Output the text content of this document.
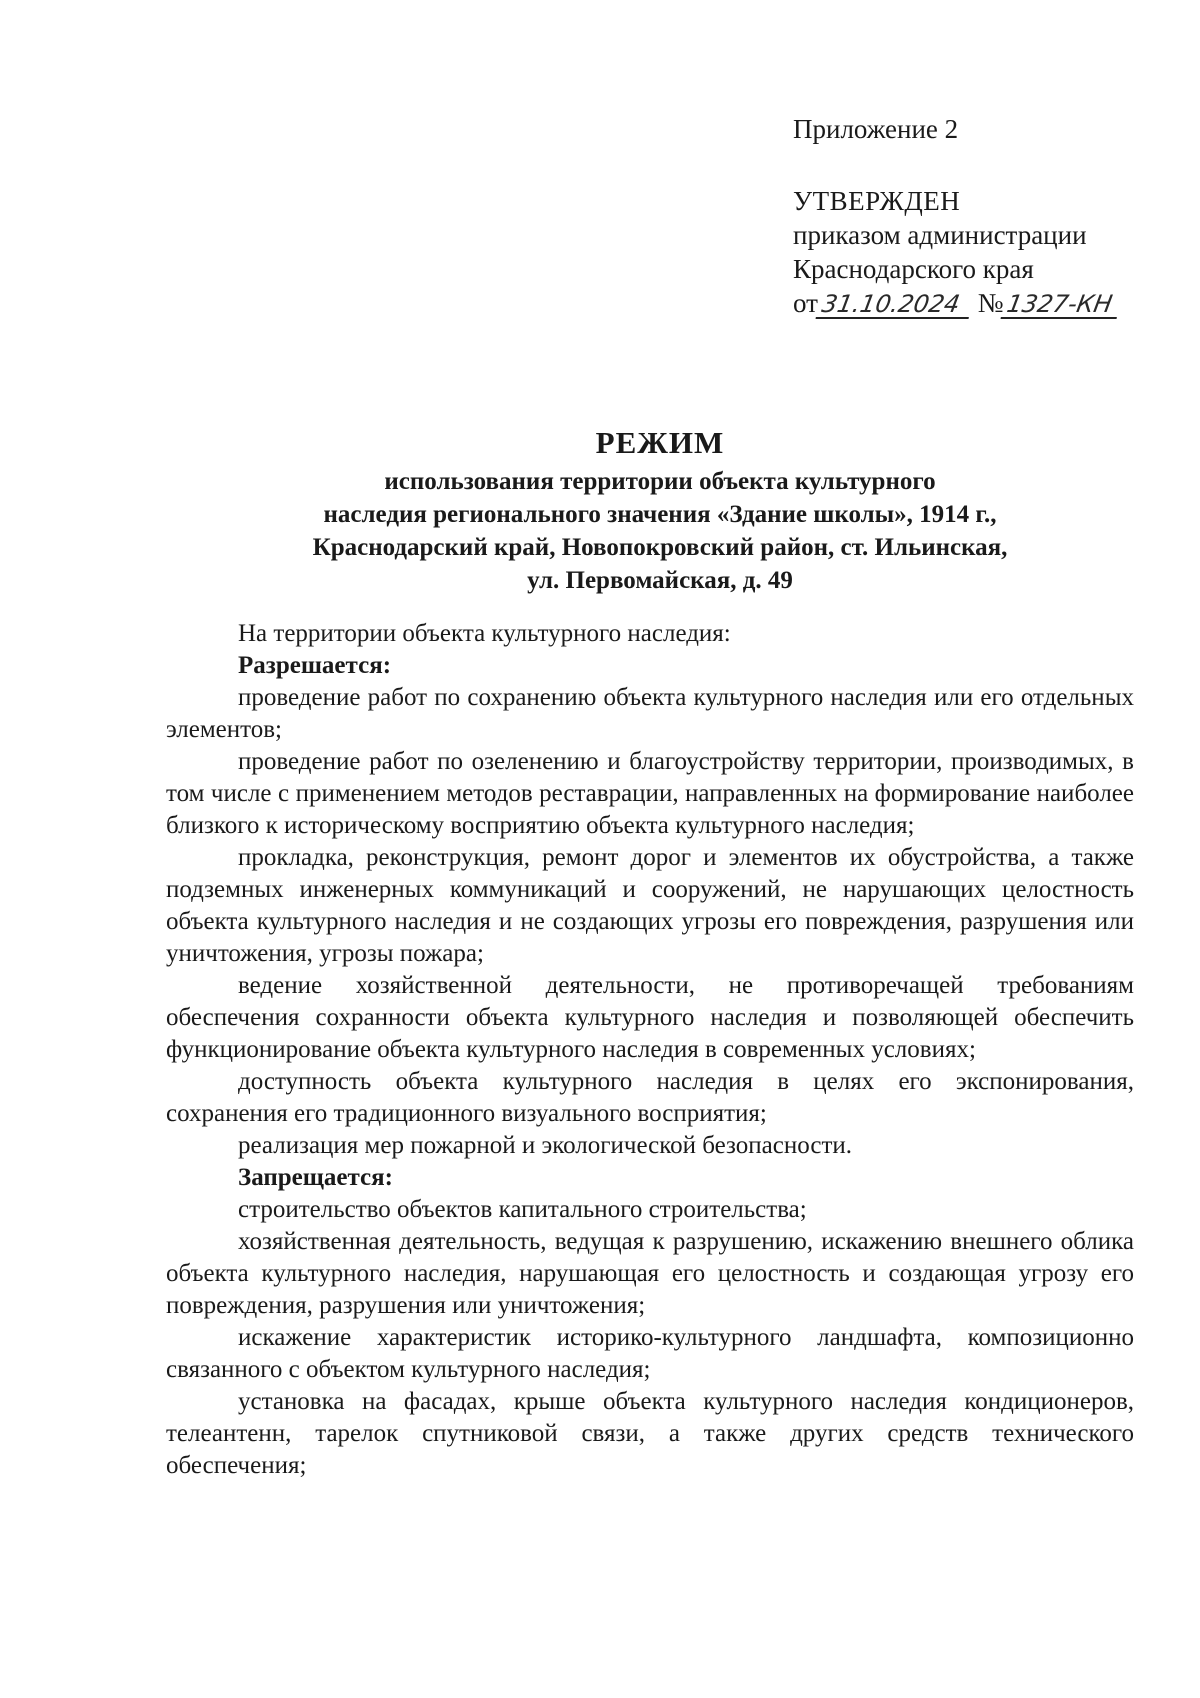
Приложение 2
УТВЕРЖДЕН
приказом администрации
Краснодарского края
от31.10.2024 №1327-КН
РЕЖИМ
использования территории объекта культурного
наследия регионального значения «Здание школы», 1914 г.,
Краснодарский край, Новопокровский район, ст. Ильинская,
ул. Первомайская, д. 49

На территории объекта культурного наследия:

Разрешается:

проведение работ по сохранению объекта культурного наследия или его отдельных элементов;

проведение работ по озеленению и благоустройству территории, производимых, в том числе с применением методов реставрации, направленных на формирование наиболее близкого к историческому восприятию объекта культурного наследия;

прокладка, реконструкция, ремонт дорог и элементов их обустройства, а также подземных инженерных коммуникаций и сооружений, не нарушающих целостность объекта культурного наследия и не создающих угрозы его повреждения, разрушения или уничтожения, угрозы пожара;

ведение хозяйственной деятельности, не противоречащей требованиям обеспечения сохранности объекта культурного наследия и позволяющей обеспечить функционирование объекта культурного наследия в современных условиях;

доступность объекта культурного наследия в целях его экспонирования, сохранения его традиционного визуального восприятия;

реализация мер пожарной и экологической безопасности.

Запрещается:

строительство объектов капитального строительства;

хозяйственная деятельность, ведущая к разрушению, искажению внешнего облика объекта культурного наследия, нарушающая его целостность и создающая угрозу его повреждения, разрушения или уничтожения;

искажение характеристик историко-культурного ландшафта, композиционно связанного с объектом культурного наследия;

установка на фасадах, крыше объекта культурного наследия кондиционеров, телеантенн, тарелок спутниковой связи, а также других средств технического обеспечения;
